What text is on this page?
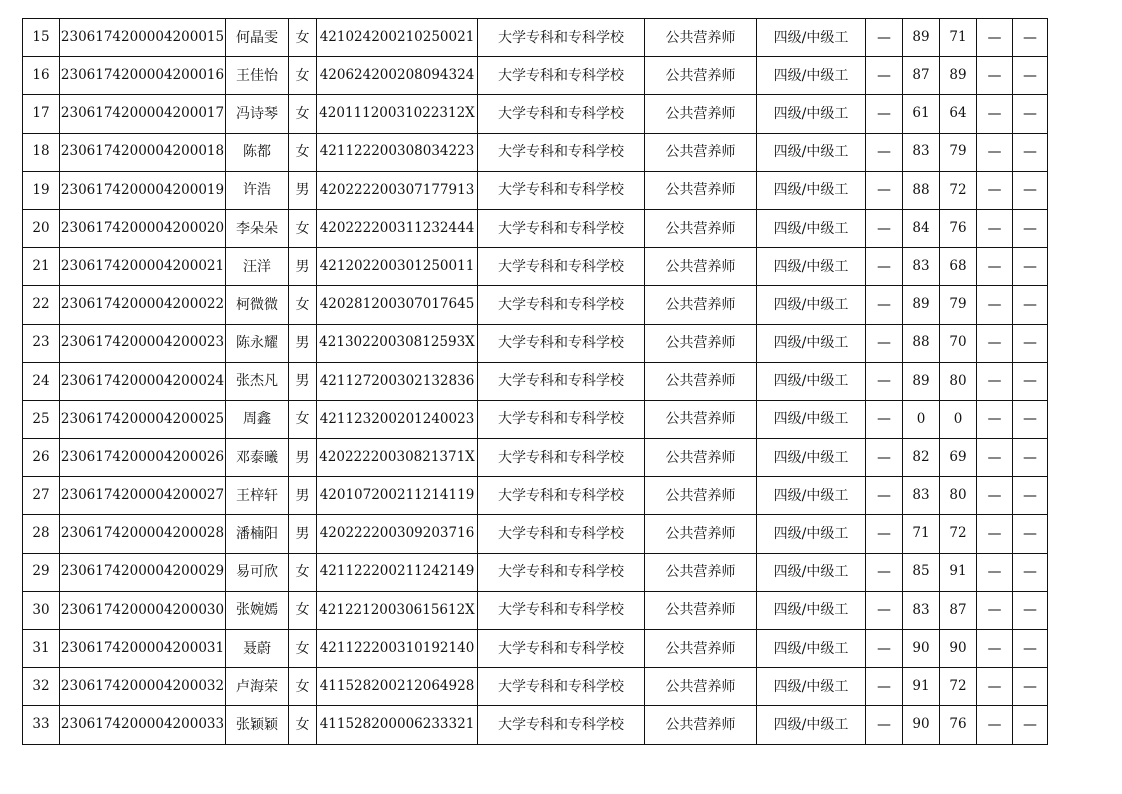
15	2306174200004200015	何晶雯	女	421024200210250021	大学专科和专科学校	公共营养师	四级/中级工	—	89	71	—	—
16	2306174200004200016	王佳怡	女	420624200208094324	大学专科和专科学校	公共营养师	四级/中级工	—	87	89	—	—
17	2306174200004200017	冯诗琴	女	42011120031022312X	大学专科和专科学校	公共营养师	四级/中级工	—	61	64	—	—
18	2306174200004200018	陈都	女	421122200308034223	大学专科和专科学校	公共营养师	四级/中级工	—	83	79	—	—
19	2306174200004200019	许浩	男	420222200307177913	大学专科和专科学校	公共营养师	四级/中级工	—	88	72	—	—
20	2306174200004200020	李朵朵	女	420222200311232444	大学专科和专科学校	公共营养师	四级/中级工	—	84	76	—	—
21	2306174200004200021	汪洋	男	421202200301250011	大学专科和专科学校	公共营养师	四级/中级工	—	83	68	—	—
22	2306174200004200022	柯微微	女	420281200307017645	大学专科和专科学校	公共营养师	四级/中级工	—	89	79	—	—
23	2306174200004200023	陈永耀	男	42130220030812593X	大学专科和专科学校	公共营养师	四级/中级工	—	88	70	—	—
24	2306174200004200024	张杰凡	男	421127200302132836	大学专科和专科学校	公共营养师	四级/中级工	—	89	80	—	—
25	2306174200004200025	周鑫	女	421123200201240023	大学专科和专科学校	公共营养师	四级/中级工	—	0	0	—	—
26	2306174200004200026	邓泰曦	男	42022220030821371X	大学专科和专科学校	公共营养师	四级/中级工	—	82	69	—	—
27	2306174200004200027	王梓轩	男	420107200211214119	大学专科和专科学校	公共营养师	四级/中级工	—	83	80	—	—
28	2306174200004200028	潘楠阳	男	420222200309203716	大学专科和专科学校	公共营养师	四级/中级工	—	71	72	—	—
29	2306174200004200029	易可欣	女	421122200211242149	大学专科和专科学校	公共营养师	四级/中级工	—	85	91	—	—
30	2306174200004200030	张婉嫣	女	42122120030615612X	大学专科和专科学校	公共营养师	四级/中级工	—	83	87	—	—
31	2306174200004200031	聂蔚	女	421122200310192140	大学专科和专科学校	公共营养师	四级/中级工	—	90	90	—	—
32	2306174200004200032	卢海荣	女	411528200212064928	大学专科和专科学校	公共营养师	四级/中级工	—	91	72	—	—
33	2306174200004200033	张颖颖	女	411528200006233321	大学专科和专科学校	公共营养师	四级/中级工	—	90	76	—	—
